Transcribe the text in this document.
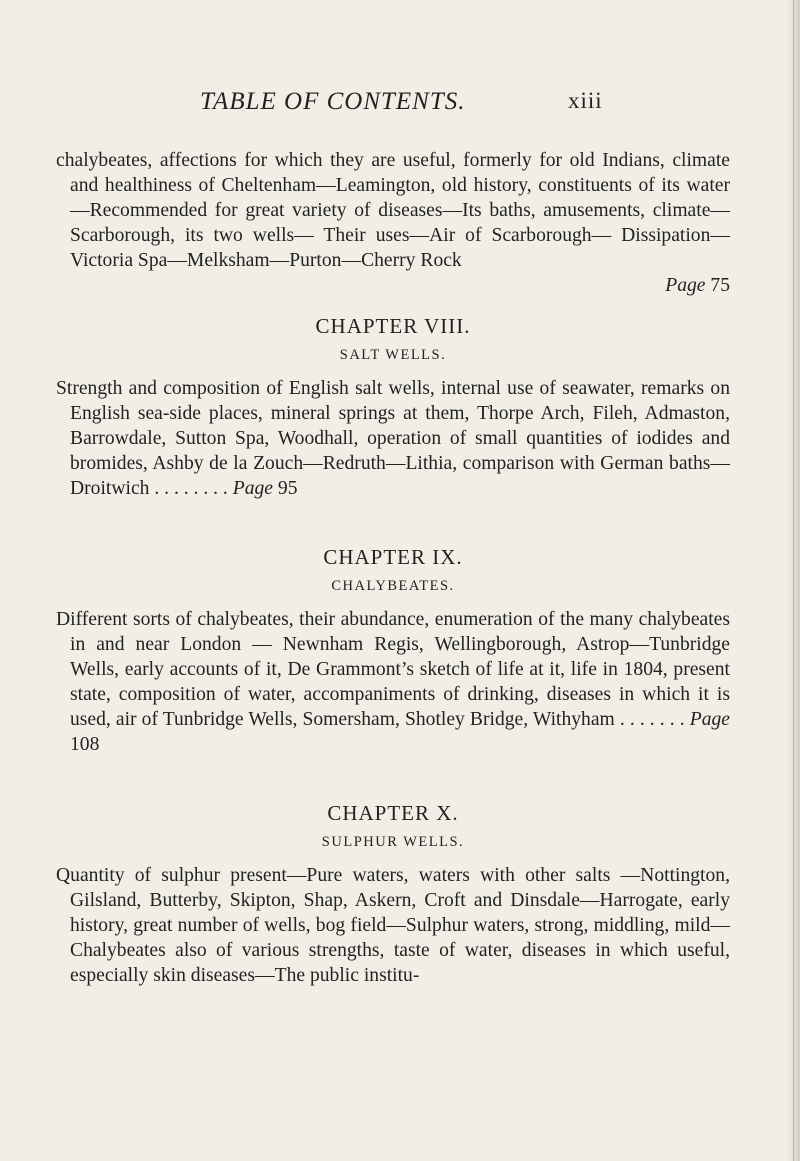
TABLE OF CONTENTS.	xiii

chalybeates, affections for which they are useful, formerly for old Indians, climate and healthiness of Cheltenham—Leamington, old history, constituents of its water—Recommended for great variety of diseases—Its baths, amusements, climate— Scarborough, its two wells— Their uses—Air of Scarborough— Dissipation—Victoria Spa—Melksham—Purton—Cherry Rock

Page 75

CHAPTER VIII.
SALT WELLS.

Strength and composition of English salt wells, internal use of seawater, remarks on English sea-side places, mineral springs at them, Thorpe Arch, Fileh, Admaston, Barrowdale, Sutton Spa, Woodhall, operation of small quantities of iodides and bromides, Ashby de la Zouch—Redruth—Lithia, comparison with German baths—Droitwich . . . . . . . . Page 95

CHAPTER IX.
CHALYBEATES.

Different sorts of chalybeates, their abundance, enumeration of the many chalybeates in and near London — Newnham Regis, Wellingborough, Astrop—Tunbridge Wells, early accounts of it, De Grammont’s sketch of life at it, life in 1804, present state, composition of water, accompaniments of drinking, diseases in which it is used, air of Tunbridge Wells, Somersham, Shotley Bridge, Withyham . . . . . . . Page 108

CHAPTER X.
SULPHUR WELLS.

Quantity of sulphur present—Pure waters, waters with other salts —Nottington, Gilsland, Butterby, Skipton, Shap, Askern, Croft and Dinsdale—Harrogate, early history, great number of wells, bog field—Sulphur waters, strong, middling, mild— Chalybeates also of various strengths, taste of water, diseases in which useful, especially skin diseases—The public institu-
